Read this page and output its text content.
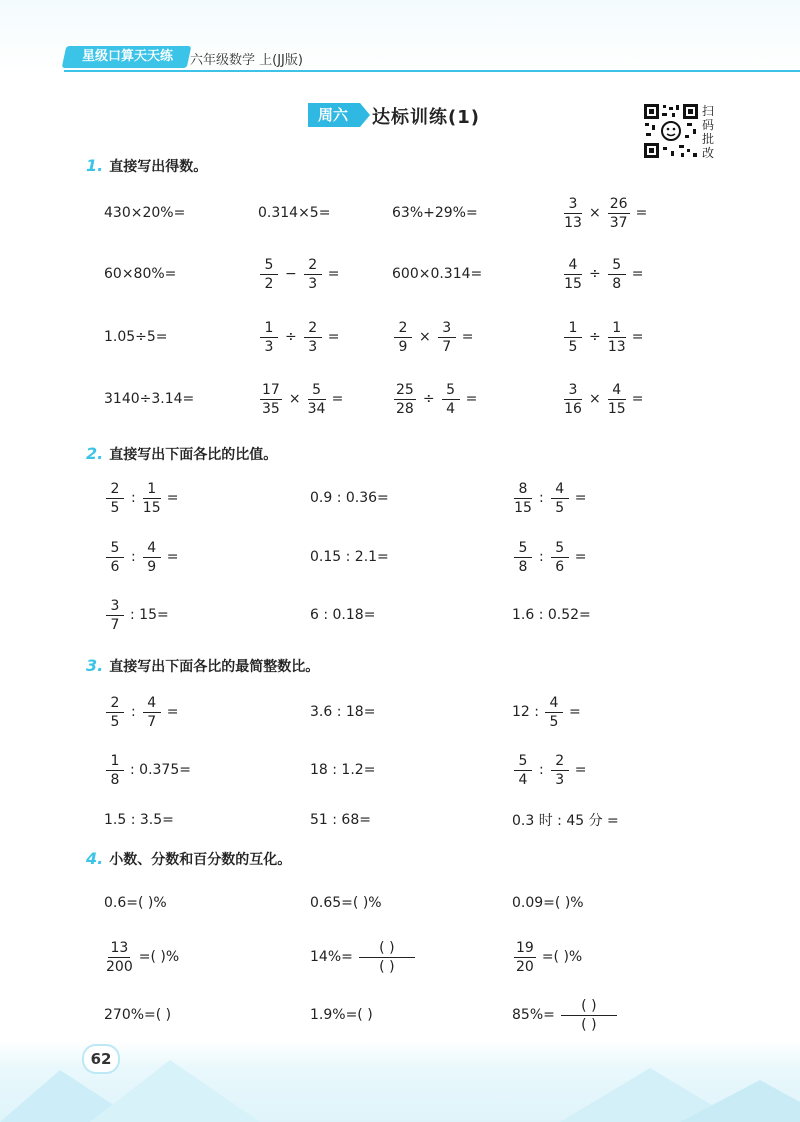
星级口算天天练	六年级数学 上(JJ版)
周六	达标训练(1)	扫码批改
1. 直接写出得数。
430×20%=	0.314×5=	63%+29%=	$\frac{3}{13} \times \frac{26}{37}$ =
60×80%=	$\frac{5}{2} - \frac{2}{3}$ =	600×0.314=	$\frac{4}{15} \div \frac{5}{8}$ =
1.05÷5=	$\frac{1}{3} \div \frac{2}{3}$ =	$\frac{2}{9} \times \frac{3}{7}$ =	$\frac{1}{5} \div \frac{1}{13}$ =
3140÷3.14=	$\frac{17}{35} \times \frac{5}{34}$ =	$\frac{25}{28} \div \frac{5}{4}$ =	$\frac{3}{16} \times \frac{4}{15}$ =
2. 直接写出下面各比的比值。
$\frac{2}{5}$ : $\frac{1}{15}$ =	0.9 : 0.36=	$\frac{8}{15}$ : $\frac{4}{5}$ =
$\frac{5}{6}$ : $\frac{4}{9}$ =	0.15 : 2.1=	$\frac{5}{8}$ : $\frac{5}{6}$ =
$\frac{3}{7}$ : 15=	6 : 0.18=	1.6 : 0.52=
3. 直接写出下面各比的最简整数比。
$\frac{2}{5}$ : $\frac{4}{7}$ =	3.6 : 18=	12 : $\frac{4}{5}$ =
$\frac{1}{8}$ : 0.375=	18 : 1.2=	$\frac{5}{4}$ : $\frac{2}{3}$ =
1.5 : 3.5=	51 : 68=	0.3 时 : 45 分 =
4. 小数、分数和百分数的互化。
0.6=( )%	0.65=( )%	0.09=( )%
$\frac{13}{200}$ =( )%	$14\%= \frac{( )}{( )}$	$\frac{19}{20}$ =( )%
270%=( )	1.9%=( )	$85\%= \frac{( )}{( )}$
62
